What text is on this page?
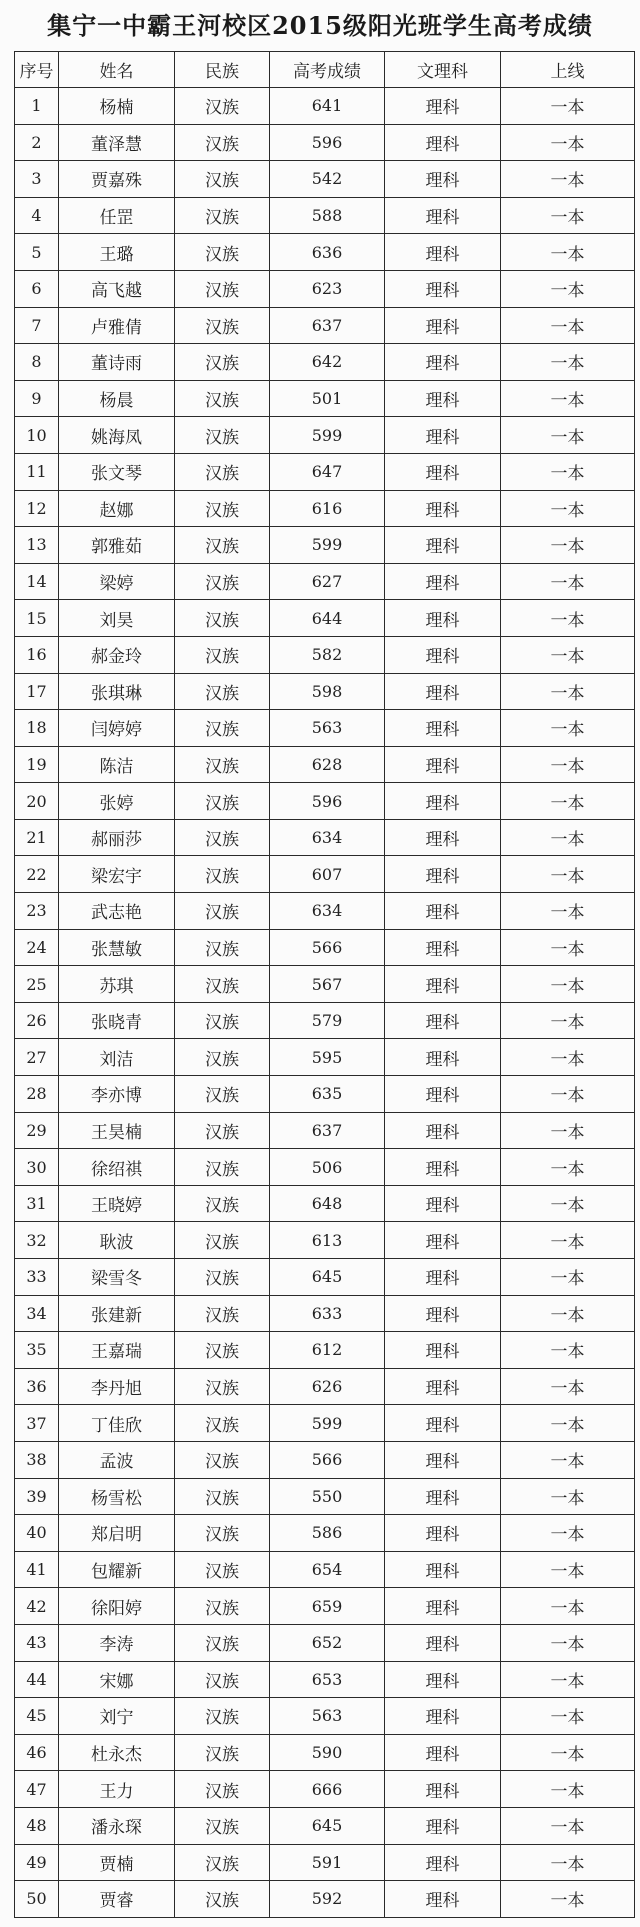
集宁一中霸王河校区2015级阳光班学生高考成绩
序号	姓名	民族	高考成绩	文理科	上线
1	杨楠	汉族	641	理科	一本
2	董泽慧	汉族	596	理科	一本
3	贾嘉殊	汉族	542	理科	一本
4	任罡	汉族	588	理科	一本
5	王璐	汉族	636	理科	一本
6	高飞越	汉族	623	理科	一本
7	卢雅倩	汉族	637	理科	一本
8	董诗雨	汉族	642	理科	一本
9	杨晨	汉族	501	理科	一本
10	姚海凤	汉族	599	理科	一本
11	张文琴	汉族	647	理科	一本
12	赵娜	汉族	616	理科	一本
13	郭雅茹	汉族	599	理科	一本
14	梁婷	汉族	627	理科	一本
15	刘昊	汉族	644	理科	一本
16	郝金玲	汉族	582	理科	一本
17	张琪琳	汉族	598	理科	一本
18	闫婷婷	汉族	563	理科	一本
19	陈洁	汉族	628	理科	一本
20	张婷	汉族	596	理科	一本
21	郝丽莎	汉族	634	理科	一本
22	梁宏宇	汉族	607	理科	一本
23	武志艳	汉族	634	理科	一本
24	张慧敏	汉族	566	理科	一本
25	苏琪	汉族	567	理科	一本
26	张晓青	汉族	579	理科	一本
27	刘洁	汉族	595	理科	一本
28	李亦博	汉族	635	理科	一本
29	王昊楠	汉族	637	理科	一本
30	徐绍祺	汉族	506	理科	一本
31	王晓婷	汉族	648	理科	一本
32	耿波	汉族	613	理科	一本
33	梁雪冬	汉族	645	理科	一本
34	张建新	汉族	633	理科	一本
35	王嘉瑞	汉族	612	理科	一本
36	李丹旭	汉族	626	理科	一本
37	丁佳欣	汉族	599	理科	一本
38	孟波	汉族	566	理科	一本
39	杨雪松	汉族	550	理科	一本
40	郑启明	汉族	586	理科	一本
41	包耀新	汉族	654	理科	一本
42	徐阳婷	汉族	659	理科	一本
43	李涛	汉族	652	理科	一本
44	宋娜	汉族	653	理科	一本
45	刘宁	汉族	563	理科	一本
46	杜永杰	汉族	590	理科	一本
47	王力	汉族	666	理科	一本
48	潘永琛	汉族	645	理科	一本
49	贾楠	汉族	591	理科	一本
50	贾睿	汉族	592	理科	一本
